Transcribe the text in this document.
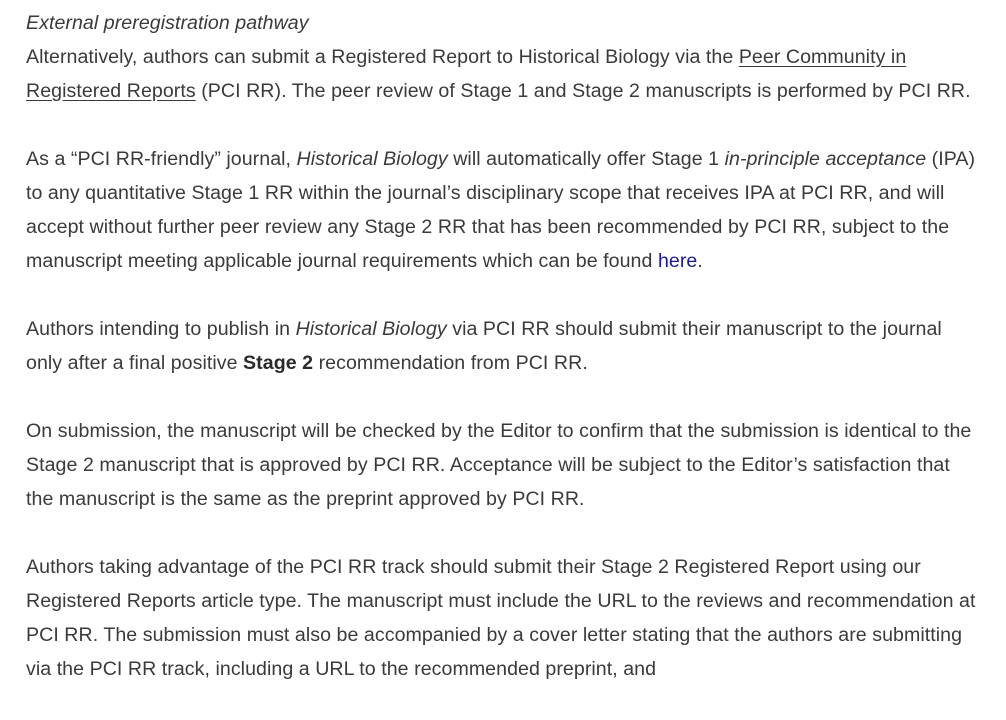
External preregistration pathway

Alternatively, authors can submit a Registered Report to Historical Biology via the Peer Community in Registered Reports (PCI RR). The peer review of Stage 1 and Stage 2 manuscripts is performed by PCI RR.

As a “PCI RR-friendly” journal, Historical Biology will automatically offer Stage 1 in-principle acceptance (IPA) to any quantitative Stage 1 RR within the journal’s disciplinary scope that receives IPA at PCI RR, and will accept without further peer review any Stage 2 RR that has been recommended by PCI RR, subject to the manuscript meeting applicable journal requirements which can be found here.

Authors intending to publish in Historical Biology via PCI RR should submit their manuscript to the journal only after a final positive Stage 2 recommendation from PCI RR.

On submission, the manuscript will be checked by the Editor to confirm that the submission is identical to the Stage 2 manuscript that is approved by PCI RR. Acceptance will be subject to the Editor’s satisfaction that the manuscript is the same as the preprint approved by PCI RR.

Authors taking advantage of the PCI RR track should submit their Stage 2 Registered Report using our Registered Reports article type. The manuscript must include the URL to the reviews and recommendation at PCI RR. The submission must also be accompanied by a cover letter stating that the authors are submitting via the PCI RR track, including a URL to the recommended preprint, and
